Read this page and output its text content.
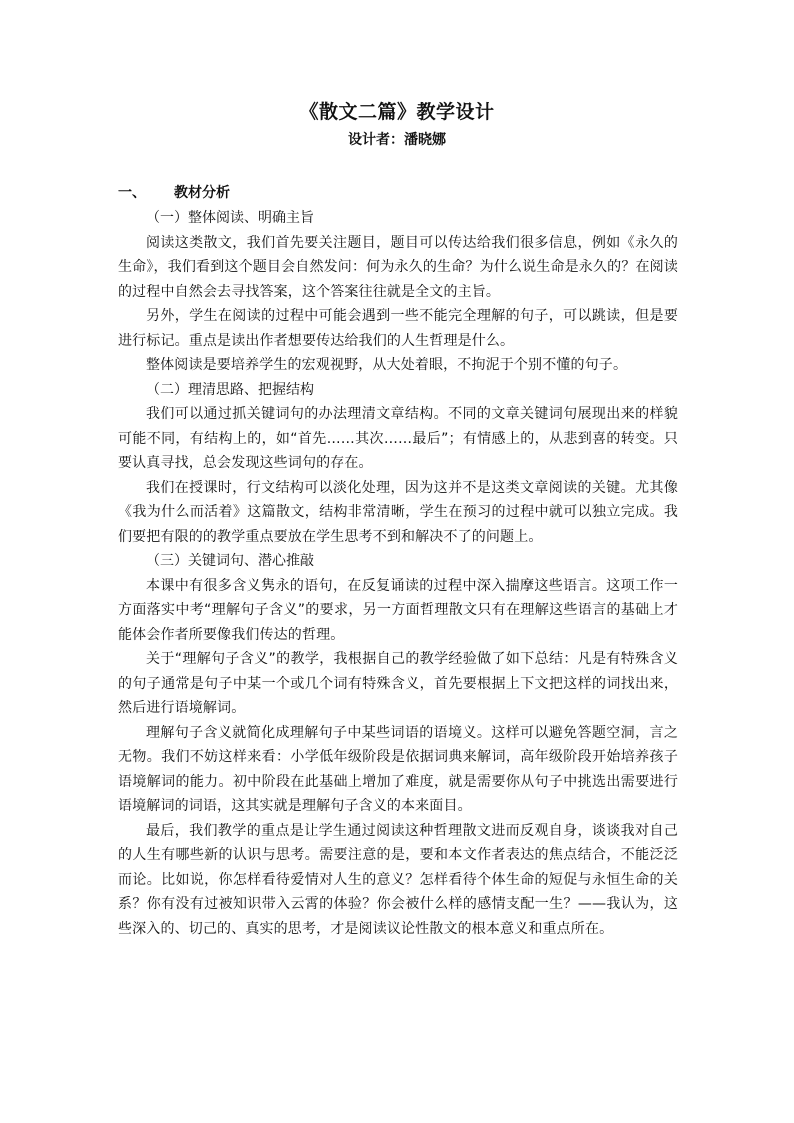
《散文二篇》教学设计
设计者：潘晓娜
一、 教材分析
（一）整体阅读、明确主旨

阅读这类散文，我们首先要关注题目，题目可以传达给我们很多信息，例如《永久的生命》，我们看到这个题目会自然发问：何为永久的生命？为什么说生命是永久的？在阅读的过程中自然会去寻找答案，这个答案往往就是全文的主旨。

另外，学生在阅读的过程中可能会遇到一些不能完全理解的句子，可以跳读，但是要进行标记。重点是读出作者想要传达给我们的人生哲理是什么。

整体阅读是要培养学生的宏观视野，从大处着眼，不拘泥于个别不懂的句子。

（二）理清思路、把握结构

我们可以通过抓关键词句的办法理清文章结构。不同的文章关键词句展现出来的样貌可能不同，有结构上的，如“首先……其次……最后”；有情感上的，从悲到喜的转变。只要认真寻找，总会发现这些词句的存在。

我们在授课时，行文结构可以淡化处理，因为这并不是这类文章阅读的关键。尤其像《我为什么而活着》这篇散文，结构非常清晰，学生在预习的过程中就可以独立完成。我们要把有限的的教学重点要放在学生思考不到和解决不了的问题上。

（三）关键词句、潜心推敲

本课中有很多含义隽永的语句，在反复诵读的过程中深入揣摩这些语言。这项工作一方面落实中考“理解句子含义”的要求，另一方面哲理散文只有在理解这些语言的基础上才能体会作者所要像我们传达的哲理。

关于“理解句子含义”的教学，我根据自己的教学经验做了如下总结：凡是有特殊含义的句子通常是句子中某一个或几个词有特殊含义，首先要根据上下文把这样的词找出来，然后进行语境解词。

理解句子含义就简化成理解句子中某些词语的语境义。这样可以避免答题空洞，言之无物。我们不妨这样来看：小学低年级阶段是依据词典来解词，高年级阶段开始培养孩子语境解词的能力。初中阶段在此基础上增加了难度，就是需要你从句子中挑选出需要进行语境解词的词语，这其实就是理解句子含义的本来面目。

最后，我们教学的重点是让学生通过阅读这种哲理散文进而反观自身，谈谈我对自己的人生有哪些新的认识与思考。需要注意的是，要和本文作者表达的焦点结合，不能泛泛而论。比如说，你怎样看待爱情对人生的意义？怎样看待个体生命的短促与永恒生命的关系？你有没有过被知识带入云霄的体验？你会被什么样的感情支配一生？——我认为，这些深入的、切己的、真实的思考，才是阅读议论性散文的根本意义和重点所在。
